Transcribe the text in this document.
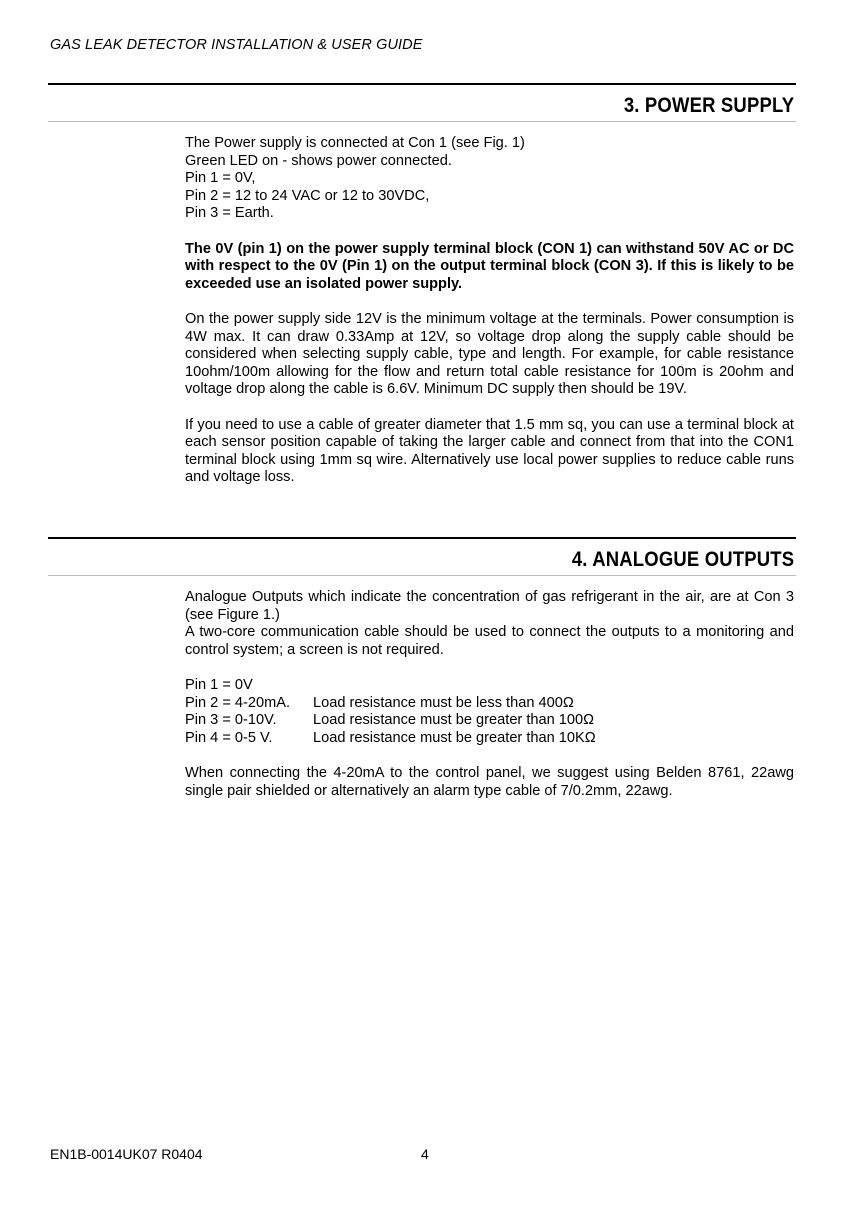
GAS LEAK DETECTOR INSTALLATION & USER GUIDE
3. POWER SUPPLY

The Power supply is connected at Con 1 (see Fig. 1)

Green LED on - shows power connected.

Pin 1 = 0V,

Pin 2 = 12 to 24 VAC or 12 to 30VDC,

Pin 3 = Earth.

The 0V (pin 1) on the power supply terminal block (CON 1) can withstand 50V AC or DC with respect to the 0V (Pin 1) on the output terminal block (CON 3). If this is likely to be exceeded use an isolated power supply.

On the power supply side 12V is the minimum voltage at the terminals. Power consumption is 4W max. It can draw 0.33Amp at 12V, so voltage drop along the supply cable should be considered when selecting supply cable, type and length. For example, for cable resistance 10ohm/100m allowing for the flow and return total cable resistance for 100m is 20ohm and voltage drop along the cable is 6.6V. Minimum DC supply then should be 19V.

If you need to use a cable of greater diameter that 1.5 mm sq, you can use a terminal block at each sensor position capable of taking the larger cable and connect from that into the CON1 terminal block using 1mm sq wire. Alternatively use local power supplies to reduce cable runs and voltage loss.

4. ANALOGUE OUTPUTS

Analogue Outputs which indicate the concentration of gas refrigerant in the air, are at Con 3 (see Figure 1.)

A two-core communication cable should be used to connect the outputs to a monitoring and control system; a screen is not required.

Pin 1 = 0V
Pin 2 = 4-20mA.	Load resistance must be less than 400Ω
Pin 3 = 0-10V.	Load resistance must be greater than 100Ω
Pin 4 = 0-5 V.	Load resistance must be greater than 10KΩ

When connecting the 4-20mA to the control panel, we suggest using Belden 8761, 22awg single pair shielded or alternatively an alarm type cable of 7/0.2mm, 22awg.

EN1B-0014UK07 R0404	4
